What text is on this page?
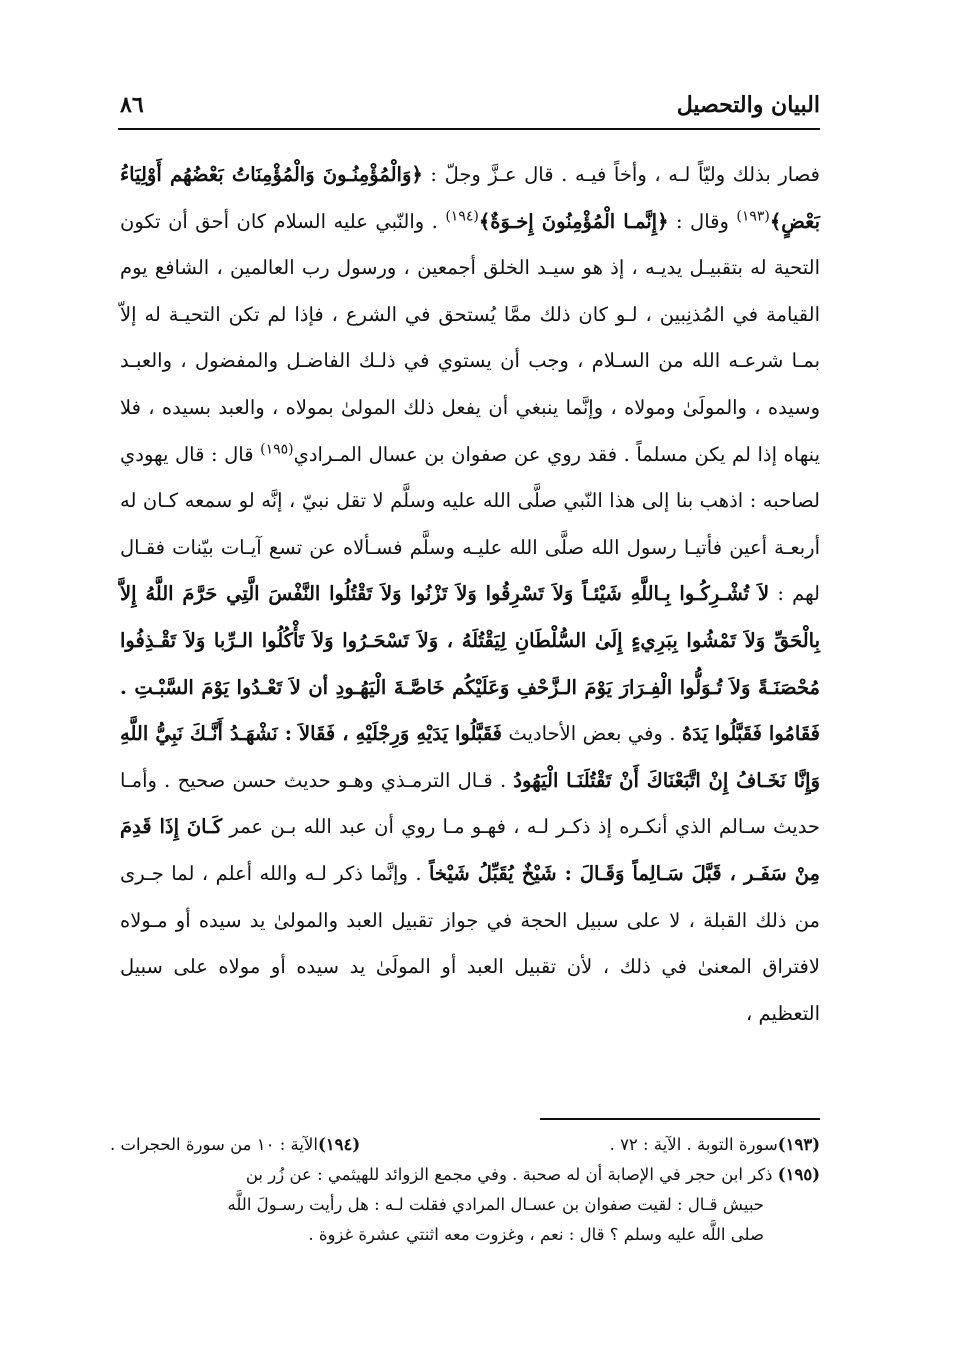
البيان والتحصيل
٨٦

فصار بذلك وليّاً لـه ، وأخاً فيـه . قال عـزَّ وجلّ : ﴿وَالْمُؤْمِنُـونَ وَالْمُؤْمِنَاتُ بَعْضُهُم أَوْلِيَاءُ بَعْضٍ﴾$^{(١٩٣)}$ وقال : ﴿إِنَّمـا الْمُؤْمِنُونَ إِخـوَةٌ﴾$^{(١٩٤)}$ . والنّبي عليه السلام كان أحق أن تكون التحية له بتقبيـل يديـه ، إذ هو سيـد الخلق أجمعين ، ورسول رب العالمين ، الشافع يوم القيامة في المُذنِبين ، لـو كان ذلك ممَّا يُستحق في الشرع ، فإذا لم تكن التحيـة له إلاّ بمـا شرعـه الله من السـلام ، وجب أن يستوي في ذلـك الفاضـل والمفضول ، والعبـد وسيده ، والمولَىٰ ومولاه ، وإنَّما ينبغي أن يفعل ذلك المولىٰ بمولاه ، والعبد بسيده ، فلا ينهاه إذا لم يكن مسلماً . فقد روي عن صفوان بن عسال المـرادي$^{(١٩٥)}$ قال : قال يهودي لصاحبه : اذهب بنا إلى هذا النّبي صلَّى الله عليه وسلَّم لا تقل نبيّ ، إنَّه لو سمعه كـان له أربعـة أعين فأتيـا رسول الله صلَّى الله عليـه وسلَّم فسـألاه عن تسع آيـات بيّنات فقـال لهم : لاَ تُشْـرِكُـوا بِـاللَّهِ شَيْئـاً وَلاَ تَسْرِقُوا وَلاَ تَزْنُوا وَلاَ تَقْتُلُوا النَّفْسَ الَّتِي حَرَّمَ اللَّهُ إِلاَّ بِالْحَقِّ وَلاَ تَمْشُوا بِبَرِيءٍ إِلَىٰ السُّلْطَانِ لِيَقْتُلَهُ ، وَلاَ تَسْحَـرُوا وَلاَ تَأْكُلُوا الـرِّبا وَلاَ تَقْـذِفُوا مُحْصَنَـةً وَلاَ تُـوَلُّوا الْفِـرَارَ يَوْمَ الـزَّحْفِ وَعَلَيْكُم خَاصَّـةَ الْيَهُـودِ أن لاَ تَعْـدُوا يَوْمَ السَّبْـتِ . فَقَامُوا فَقَبَّلُوا يَدَهُ . وفي بعض الأحاديث فَقَبَّلُوا يَدَيْهِ وَرِجْلَيْهِ ، فَقَالاَ : نَشْهَـدُ أَنَّـكَ نَبِيُّ اللَّهِ وَإِنَّا نَخَـافُ إِنْ اتَّبَعْنَاكَ أَنْ تَقْتُلَنَـا الْيَهُودُ . قـال الترمـذي وهـو حديث حسن صحيح . وأمـا حديث سـالم الذي أنكـره إذ ذكـر لـه ، فهـو مـا روي أن عبد الله بـن عمر كَـانَ إِذَا قَدِمَ مِنْ سَفَـر ، قَبَّلَ سَـالِماً وَقَـالَ : شَيْخٌ يُقَبِّلُ شَيْخاً . وإنَّما ذكر لـه والله أعلم ، لما جـرى من ذلك القبلة ، لا على سبيل الحجة في جواز تقبيل العبد والمولىٰ يد سيده أو مـولاه لافتراق المعنىٰ في ذلك ، لأن تقبيل العبد أو المولَىٰ يد سيده أو مولاه على سبيل التعظيم ،

(١٩٣)سورة التوبة . الآية : ٧٢ .
(١٩٤)الآية : ١٠ من سورة الحجرات .
(١٩٥) ذكر ابن حجر في الإصابة أن له صحبة . وفي مجمع الزوائد للهيثمي : عن زُر بن
حبيش قـال : لقيت صفوان بن عسـال المرادي فقلت لـه : هل رأيت رسـولَ اللَّه
صلى اللَّه عليه وسلم ؟ قال : نعم ، وغزوت معه اثنتي عشرة غزوة .
